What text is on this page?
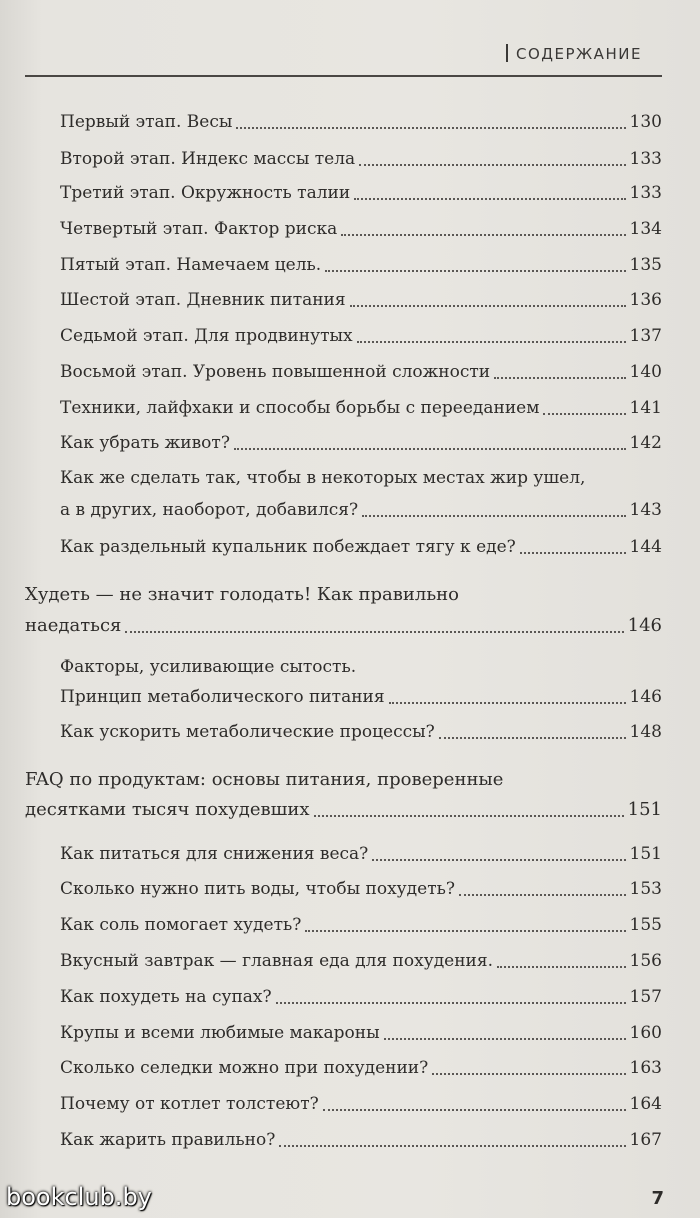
СОДЕРЖАНИЕ
Первый этап. Весы	130
Второй этап. Индекс массы тела	133
Третий этап. Окружность талии	133
Четвертый этап. Фактор риска	134
Пятый этап. Намечаем цель.	135
Шестой этап. Дневник питания	136
Седьмой этап. Для продвинутых	137
Восьмой этап. Уровень повышенной сложности	140
Техники, лайфхаки и способы борьбы с перееданием	141
Как убрать живот?	142
Как же сделать так, чтобы в некоторых местах жир ушел,
а в других, наоборот, добавился?	143
Как раздельный купальник побеждает тягу к еде?	144
Худеть — не значит голодать! Как правильно
наедаться	146
Факторы, усиливающие сытость.
Принцип метаболического питания	146
Как ускорить метаболические процессы?	148
FAQ по продуктам: основы питания, проверенные
десятками тысяч похудевших	151
Как питаться для снижения веса?	151
Сколько нужно пить воды, чтобы похудеть?	153
Как соль помогает худеть?	155
Вкусный завтрак — главная еда для похудения.	156
Как похудеть на супах?	157
Крупы и всеми любимые макароны	160
Сколько селедки можно при похудении?	163
Почему от котлет толстеют?	164
Как жарить правильно?	167
bookclub.by	7
